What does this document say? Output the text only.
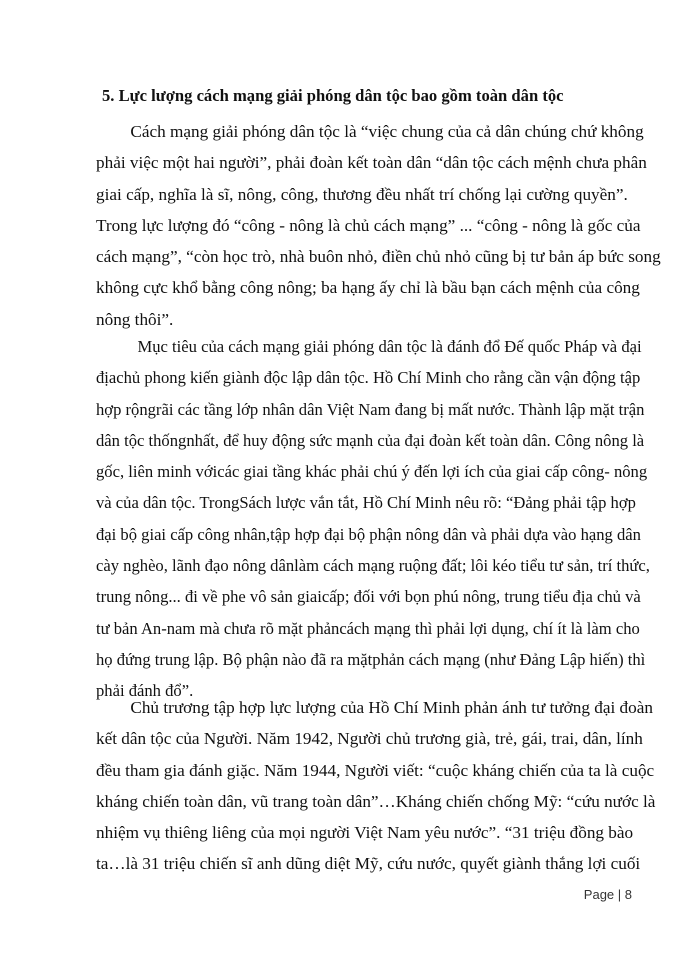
5. Lực lượng cách mạng giải phóng dân tộc bao gồm toàn dân tộc
Cách mạng giải phóng dân tộc là “việc chung của cả dân chúng chứ không
phải việc một hai người”, phải đoàn kết toàn dân “dân tộc cách mệnh chưa phân
giai cấp, nghĩa là sĩ, nông, công, thương đều nhất trí chống lại cường quyền”.
Trong lực lượng đó “công - nông là chủ cách mạng” ... “công - nông là gốc của
cách mạng”, “còn học trò, nhà buôn nhỏ, điền chủ nhỏ cũng bị tư bản áp bức song
không cực khổ bằng công nông; ba hạng ấy chỉ là bầu bạn cách mệnh của công
nông thôi”.
Mục tiêu của cách mạng giải phóng dân tộc là đánh đổ Đế quốc Pháp và đại
địachủ phong kiến giành độc lập dân tộc. Hồ Chí Minh cho rằng cần vận động tập
hợp rộngrãi các tầng lớp nhân dân Việt Nam đang bị mất nước. Thành lập mặt trận
dân tộc thốngnhất, để huy động sức mạnh của đại đoàn kết toàn dân. Công nông là
gốc, liên minh vớicác giai tầng khác phải chú ý đến lợi ích của giai cấp công- nông
và của dân tộc. TrongSách lược vắn tắt, Hồ Chí Minh nêu rõ: “Đảng phải tập hợp
đại bộ giai cấp công nhân,tập hợp đại bộ phận nông dân và phải dựa vào hạng dân
cày nghèo, lãnh đạo nông dânlàm cách mạng ruộng đất; lôi kéo tiểu tư sản, trí thức,
trung nông... đi về phe vô sản giaicấp; đối với bọn phú nông, trung tiểu địa chủ và
tư bản An-nam mà chưa rõ mặt phảncách mạng thì phải lợi dụng, chí ít là làm cho
họ đứng trung lập. Bộ phận nào đã ra mặtphản cách mạng (như Đảng Lập hiến) thì
phải đánh đổ”.
Chủ trương tập hợp lực lượng của Hồ Chí Minh phản ánh tư tưởng đại đoàn
kết dân tộc của Người. Năm 1942, Người chủ trương già, trẻ, gái, trai, dân, lính
đều tham gia đánh giặc. Năm 1944, Người viết: “cuộc kháng chiến của ta là cuộc
kháng chiến toàn dân, vũ trang toàn dân”…Kháng chiến chống Mỹ: “cứu nước là
nhiệm vụ thiêng liêng của mọi người Việt Nam yêu nước”. “31 triệu đồng bào
ta…là 31 triệu chiến sĩ anh dũng diệt Mỹ, cứu nước, quyết giành thắng lợi cuối
Page | 8
